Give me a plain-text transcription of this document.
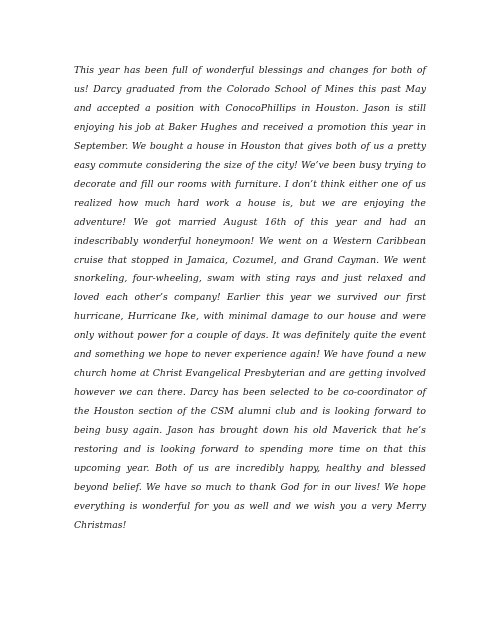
This year has been full of wonderful blessings and changes for both of us! Darcy graduated from the Colorado School of Mines this past May and accepted a position with ConocoPhillips in Houston. Jason is still enjoying his job at Baker Hughes and received a promotion this year in September. We bought a house in Houston that gives both of us a pretty easy commute considering the size of the city! We’ve been busy trying to decorate and fill our rooms with furniture. I don’t think either one of us realized how much hard work a house is, but we are enjoying the adventure! We got married August 16th of this year and had an indescribably wonderful honeymoon! We went on a Western Caribbean cruise that stopped in Jamaica, Cozumel, and Grand Cayman. We went snorkeling, four-wheeling, swam with sting rays and just relaxed and loved each other’s company! Earlier this year we survived our first hurricane, Hurricane Ike, with minimal damage to our house and were only without power for a couple of days. It was definitely quite the event and something we hope to never experience again! We have found a new church home at Christ Evangelical Presbyterian and are getting involved however we can there. Darcy has been selected to be co-coordinator of the Houston section of the CSM alumni club and is looking forward to being busy again. Jason has brought down his old Maverick that he’s restoring and is looking forward to spending more time on that this upcoming year. Both of us are incredibly happy, healthy and blessed beyond belief. We have so much to thank God for in our lives! We hope everything is wonderful for you as well and we wish you a very Merry Christmas!
